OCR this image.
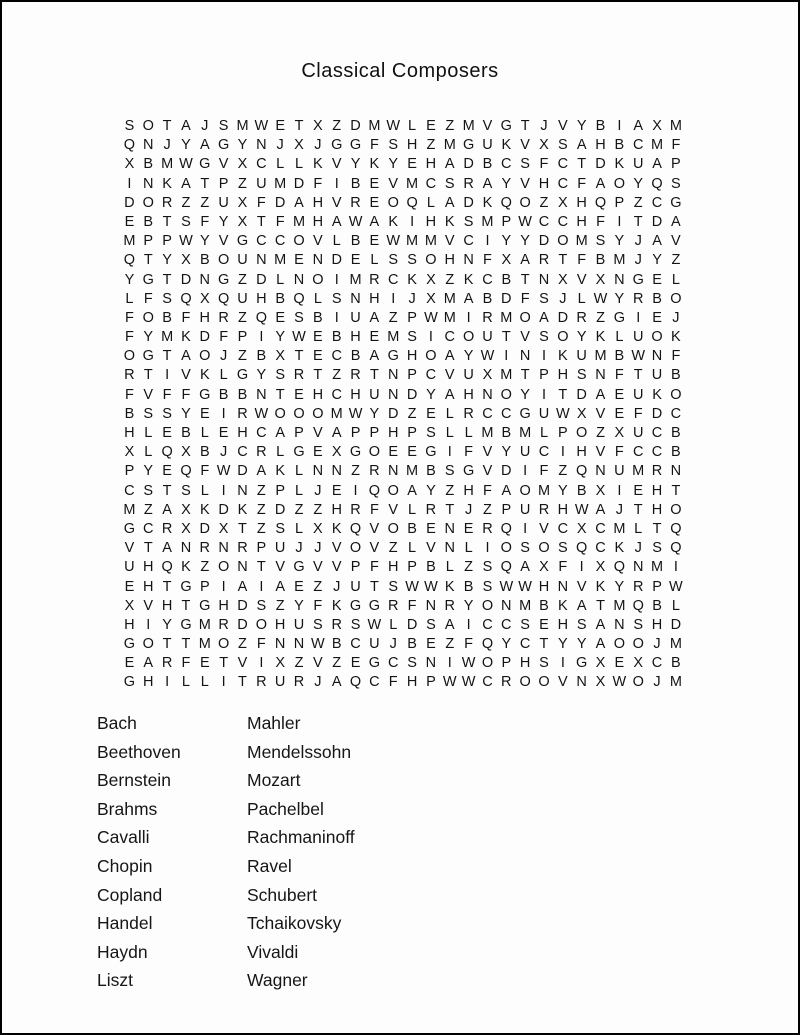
Classical Composers
S O T A J S M W E T X Z D M W L E Z M V G T J V Y B I A X M
Q N J Y A G Y N J X J G G F S H Z M G U K V X S A H B C M F
X B M W G V X C L L K V Y K Y E H A D B C S F C T D K U A P
I N K A T P Z U M D F I B E V M C S R A Y V H C F A O Y Q S
D O R Z Z U X F D A H V R E O Q L A D K Q O Z X H Q P Z C G
E B T S F Y X T F M H A W A K I H K S M P W C C H F I T D A
M P P W Y V G C C O V L B E W M M V C I Y Y D O M S Y J A V
Q T Y X B O U N M E N D E L S S O H N F X A R T F B M J Y Z
Y G T D N G Z D L N O I M R C K X Z K C B T N X V X N G E L
L F S Q X Q U H B Q L S N H I J X M A B D F S J L W Y R B O
F O B F H R Z Q E S B I U A Z P W M I R M O A D R Z G I E J
F Y M K D F P I Y W E B H E M S I C O U T V S O Y K L U O K
O G T A O J Z B X T E C B A G H O A Y W I N I K U M B W N F
R T I V K L G Y S R T Z R T N P C V U X M T P H S N F T U B
F V F F G B B N T E H C H U N D Y A H N O Y I T D A E U K O
B S S Y E I R W O O O M W Y D Z E L R C C G U W X V E F D C
H L E B L E H C A P V A P P H P S L L M B M L P O Z X U C B
X L Q X B J C R L G E X G O E E G I F V Y U C I H V F C C B
P Y E Q F W D A K L N N Z R N M B S G V D I F Z Q N U M R N
C S T S L I N Z P L J E I Q O A Y Z H F A O M Y B X I E H T
M Z A X K D K Z D Z Z H R F V L R T J Z P U R H W A J T H O
G C R X D X T Z S L X K Q V O B E N E R Q I V C X C M L T Q
V T A N R N R P U J J V O V Z L V N L I O S O S Q C K J S Q
U H Q K Z O N T V G V V P F H P B L Z S Q A X F I X Q N M I
E H T G P I A I A E Z J U T S W W K B S W W H N V K Y R P W
X V H T G H D S Z Y F K G G R F N R Y O N M B K A T M Q B L
H I Y G M R D O H U S R S W L D S A I C C S E H S A N S H D
G O T T M O Z F N N W B C U J B E Z F Q Y C T Y Y A O O J M
E A R F E T V I X Z V Z E G C S N I W O P H S I G X E X C B
G H I L L I T R U R J A Q C F H P W W C R O O V N X W O J M
Bach
Beethoven
Bernstein
Brahms
Cavalli
Chopin
Copland
Handel
Haydn
Liszt
Mahler
Mendelssohn
Mozart
Pachelbel
Rachmaninoff
Ravel
Schubert
Tchaikovsky
Vivaldi
Wagner
